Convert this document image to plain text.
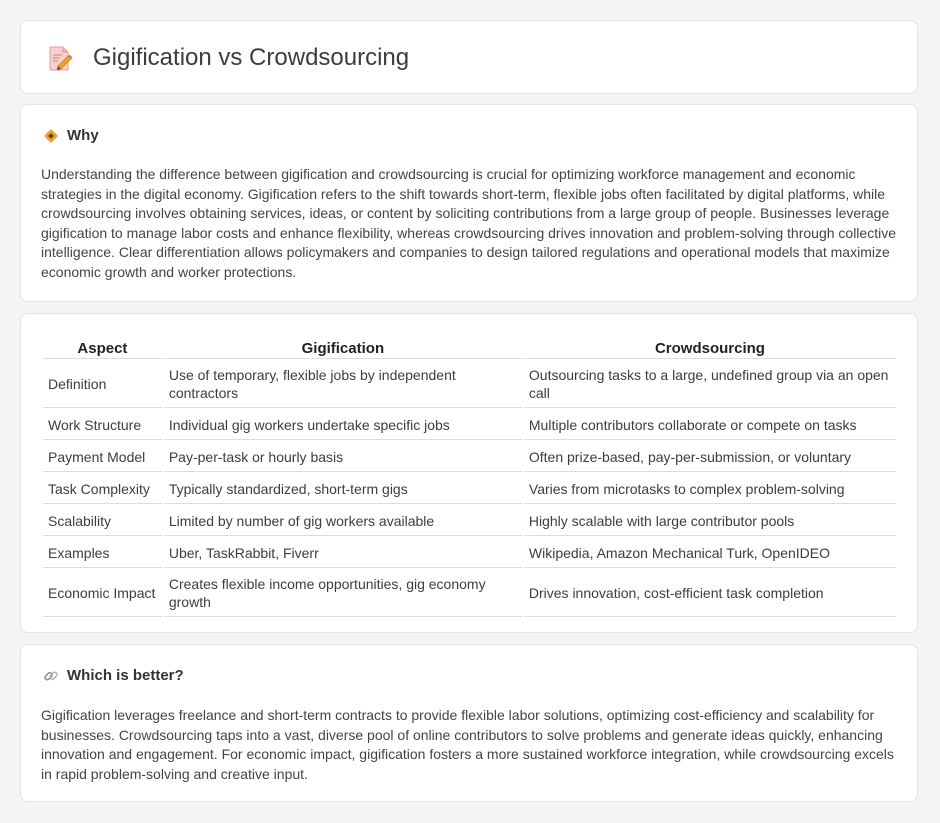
Gigification vs Crowdsourcing
Why

Understanding the difference between gigification and crowdsourcing is crucial for optimizing workforce management and economic strategies in the digital economy. Gigification refers to the shift towards short-term, flexible jobs often facilitated by digital platforms, while crowdsourcing involves obtaining services, ideas, or content by soliciting contributions from a large group of people. Businesses leverage gigification to manage labor costs and enhance flexibility, whereas crowdsourcing drives innovation and problem-solving through collective intelligence. Clear differentiation allows policymakers and companies to design tailored regulations and operational models that maximize economic growth and worker protections.

Aspect	Gigification	Crowdsourcing
Definition	Use of temporary, flexible jobs by independent contractors	Outsourcing tasks to a large, undefined group via an open call
Work Structure	Individual gig workers undertake specific jobs	Multiple contributors collaborate or compete on tasks
Payment Model	Pay-per-task or hourly basis	Often prize-based, pay-per-submission, or voluntary
Task Complexity	Typically standardized, short-term gigs	Varies from microtasks to complex problem-solving
Scalability	Limited by number of gig workers available	Highly scalable with large contributor pools
Examples	Uber, TaskRabbit, Fiverr	Wikipedia, Amazon Mechanical Turk, OpenIDEO
Economic Impact	Creates flexible income opportunities, gig economy growth	Drives innovation, cost-efficient task completion
Which is better?

Gigification leverages freelance and short-term contracts to provide flexible labor solutions, optimizing cost-efficiency and scalability for businesses. Crowdsourcing taps into a vast, diverse pool of online contributors to solve problems and generate ideas quickly, enhancing innovation and engagement. For economic impact, gigification fosters a more sustained workforce integration, while crowdsourcing excels in rapid problem-solving and creative input.
